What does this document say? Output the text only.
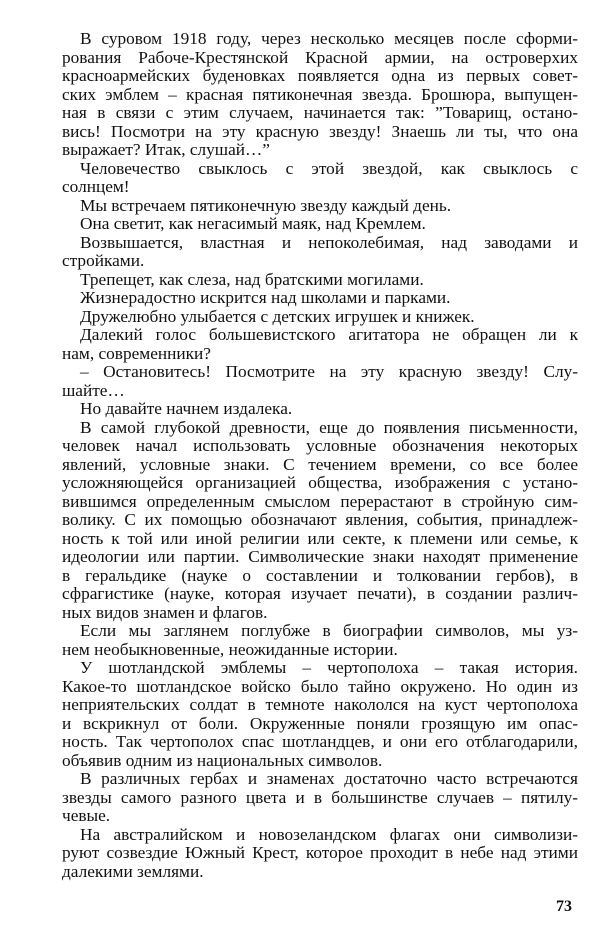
В суровом 1918 году, через несколько месяцев после сформи-
рования Рабоче-Крестянской Красной армии, на островерхих
красноармейских буденовках появляется одна из первых совет-
ских эмблем – красная пятиконечная звезда. Брошюра, выпущен-
ная в связи с этим случаем, начинается так: ”Товарищ, остано-
вись! Посмотри на эту красную звезду! Знаешь ли ты, что она
выражает? Итак, слушай…”
Человечество свыклось с этой звездой, как свыклось с
солнцем!
Мы встречаем пятиконечную звезду каждый день.
Она светит, как негасимый маяк, над Кремлем.
Возвышается, властная и непоколебимая, над заводами и
стройками.
Трепещет, как слеза, над братскими могилами.
Жизнерадостно искрится над школами и парками.
Дружелюбно улыбается с детских игрушек и книжек.
Далекий голос большевистского агитатора не обращен ли к
нам, современники?
– Остановитесь! Посмотрите на эту красную звезду! Слу-
шайте…
Но давайте начнем издалека.
В самой глубокой древности, еще до появления письменности,
человек начал использовать условные обозначения некоторых
явлений, условные знаки. С течением времени, со все более
усложняющейся организацией общества, изображения с устано-
вившимся определенным смыслом перерастают в стройную сим-
волику. С их помощью обозначают явления, события, принадлеж-
ность к той или иной религии или секте, к племени или семье, к
идеологии или партии. Символические знаки находят применение
в геральдике (науке о составлении и толковании гербов), в
сфрагистике (науке, которая изучает печати), в создании различ-
ных видов знамен и флагов.
Если мы заглянем поглубже в биографии символов, мы уз-
нем необыкновенные, неожиданные истории.
У шотландской эмблемы – чертополоха – такая история.
Какое-то шотландское войско было тайно окружено. Но один из
неприятельских солдат в темноте накололся на куст чертополоха
и вскрикнул от боли. Окруженные поняли грозящую им опас-
ность. Так чертополох спас шотландцев, и они его отблагодарили,
объявив одним из национальных символов.
В различных гербах и знаменах достаточно часто встречаются
звезды самого разного цвета и в большинстве случаев – пятилу-
чевые.
На австралийском и новозеландском флагах они символизи-
руют созвездие Южный Крест, которое проходит в небе над этими
далекими землями.
73
